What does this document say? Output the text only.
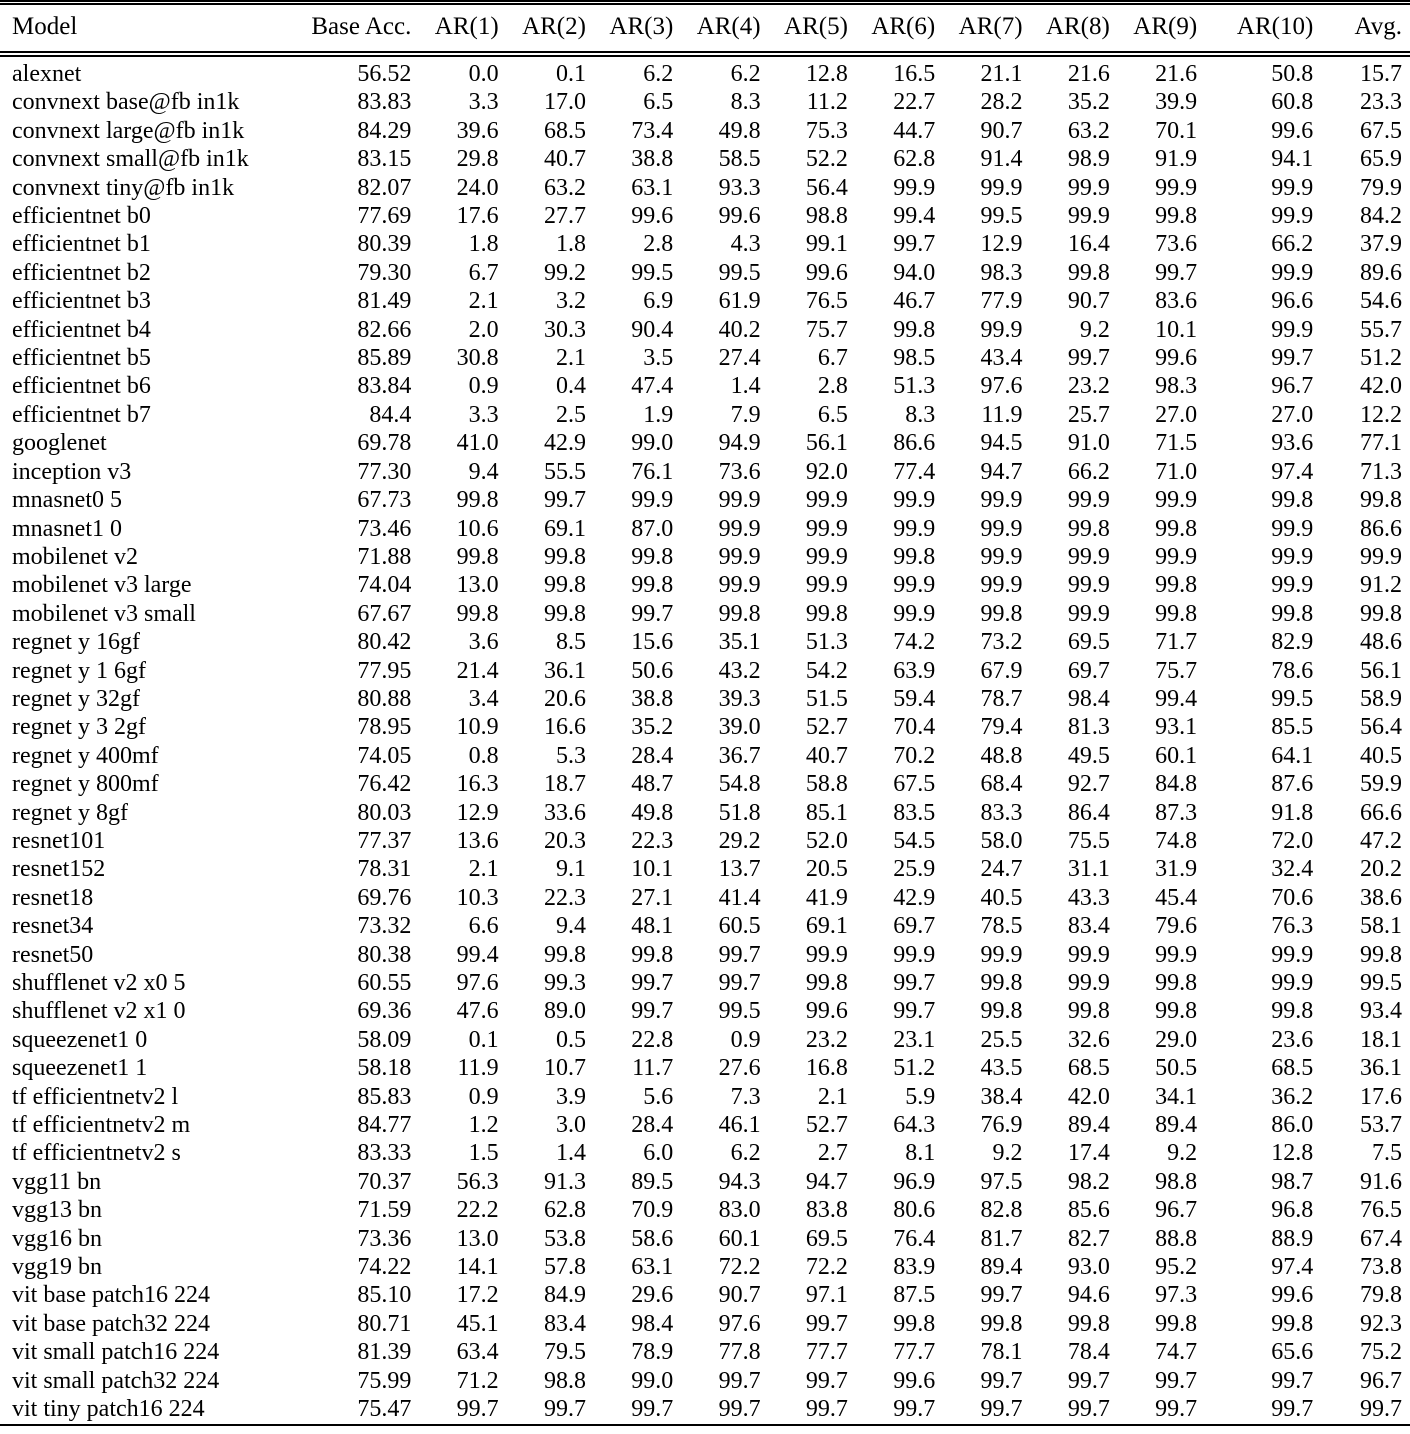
Model	Base Acc.	AR(1)	AR(2)	AR(3)	AR(4)	AR(5)	AR(6)	AR(7)	AR(8)	AR(9)	AR(10)	Avg.
alexnet	56.52	0.0	0.1	6.2	6.2	12.8	16.5	21.1	21.6	21.6	50.8	15.7
convnext base@fb in1k	83.83	3.3	17.0	6.5	8.3	11.2	22.7	28.2	35.2	39.9	60.8	23.3
convnext large@fb in1k	84.29	39.6	68.5	73.4	49.8	75.3	44.7	90.7	63.2	70.1	99.6	67.5
convnext small@fb in1k	83.15	29.8	40.7	38.8	58.5	52.2	62.8	91.4	98.9	91.9	94.1	65.9
convnext tiny@fb in1k	82.07	24.0	63.2	63.1	93.3	56.4	99.9	99.9	99.9	99.9	99.9	79.9
efficientnet b0	77.69	17.6	27.7	99.6	99.6	98.8	99.4	99.5	99.9	99.8	99.9	84.2
efficientnet b1	80.39	1.8	1.8	2.8	4.3	99.1	99.7	12.9	16.4	73.6	66.2	37.9
efficientnet b2	79.30	6.7	99.2	99.5	99.5	99.6	94.0	98.3	99.8	99.7	99.9	89.6
efficientnet b3	81.49	2.1	3.2	6.9	61.9	76.5	46.7	77.9	90.7	83.6	96.6	54.6
efficientnet b4	82.66	2.0	30.3	90.4	40.2	75.7	99.8	99.9	9.2	10.1	99.9	55.7
efficientnet b5	85.89	30.8	2.1	3.5	27.4	6.7	98.5	43.4	99.7	99.6	99.7	51.2
efficientnet b6	83.84	0.9	0.4	47.4	1.4	2.8	51.3	97.6	23.2	98.3	96.7	42.0
efficientnet b7	84.4	3.3	2.5	1.9	7.9	6.5	8.3	11.9	25.7	27.0	27.0	12.2
googlenet	69.78	41.0	42.9	99.0	94.9	56.1	86.6	94.5	91.0	71.5	93.6	77.1
inception v3	77.30	9.4	55.5	76.1	73.6	92.0	77.4	94.7	66.2	71.0	97.4	71.3
mnasnet0 5	67.73	99.8	99.7	99.9	99.9	99.9	99.9	99.9	99.9	99.9	99.8	99.8
mnasnet1 0	73.46	10.6	69.1	87.0	99.9	99.9	99.9	99.9	99.8	99.8	99.9	86.6
mobilenet v2	71.88	99.8	99.8	99.8	99.9	99.9	99.8	99.9	99.9	99.9	99.9	99.9
mobilenet v3 large	74.04	13.0	99.8	99.8	99.9	99.9	99.9	99.9	99.9	99.8	99.9	91.2
mobilenet v3 small	67.67	99.8	99.8	99.7	99.8	99.8	99.9	99.8	99.9	99.8	99.8	99.8
regnet y 16gf	80.42	3.6	8.5	15.6	35.1	51.3	74.2	73.2	69.5	71.7	82.9	48.6
regnet y 1 6gf	77.95	21.4	36.1	50.6	43.2	54.2	63.9	67.9	69.7	75.7	78.6	56.1
regnet y 32gf	80.88	3.4	20.6	38.8	39.3	51.5	59.4	78.7	98.4	99.4	99.5	58.9
regnet y 3 2gf	78.95	10.9	16.6	35.2	39.0	52.7	70.4	79.4	81.3	93.1	85.5	56.4
regnet y 400mf	74.05	0.8	5.3	28.4	36.7	40.7	70.2	48.8	49.5	60.1	64.1	40.5
regnet y 800mf	76.42	16.3	18.7	48.7	54.8	58.8	67.5	68.4	92.7	84.8	87.6	59.9
regnet y 8gf	80.03	12.9	33.6	49.8	51.8	85.1	83.5	83.3	86.4	87.3	91.8	66.6
resnet101	77.37	13.6	20.3	22.3	29.2	52.0	54.5	58.0	75.5	74.8	72.0	47.2
resnet152	78.31	2.1	9.1	10.1	13.7	20.5	25.9	24.7	31.1	31.9	32.4	20.2
resnet18	69.76	10.3	22.3	27.1	41.4	41.9	42.9	40.5	43.3	45.4	70.6	38.6
resnet34	73.32	6.6	9.4	48.1	60.5	69.1	69.7	78.5	83.4	79.6	76.3	58.1
resnet50	80.38	99.4	99.8	99.8	99.7	99.9	99.9	99.9	99.9	99.9	99.9	99.8
shufflenet v2 x0 5	60.55	97.6	99.3	99.7	99.7	99.8	99.7	99.8	99.9	99.8	99.9	99.5
shufflenet v2 x1 0	69.36	47.6	89.0	99.7	99.5	99.6	99.7	99.8	99.8	99.8	99.8	93.4
squeezenet1 0	58.09	0.1	0.5	22.8	0.9	23.2	23.1	25.5	32.6	29.0	23.6	18.1
squeezenet1 1	58.18	11.9	10.7	11.7	27.6	16.8	51.2	43.5	68.5	50.5	68.5	36.1
tf efficientnetv2 l	85.83	0.9	3.9	5.6	7.3	2.1	5.9	38.4	42.0	34.1	36.2	17.6
tf efficientnetv2 m	84.77	1.2	3.0	28.4	46.1	52.7	64.3	76.9	89.4	89.4	86.0	53.7
tf efficientnetv2 s	83.33	1.5	1.4	6.0	6.2	2.7	8.1	9.2	17.4	9.2	12.8	7.5
vgg11 bn	70.37	56.3	91.3	89.5	94.3	94.7	96.9	97.5	98.2	98.8	98.7	91.6
vgg13 bn	71.59	22.2	62.8	70.9	83.0	83.8	80.6	82.8	85.6	96.7	96.8	76.5
vgg16 bn	73.36	13.0	53.8	58.6	60.1	69.5	76.4	81.7	82.7	88.8	88.9	67.4
vgg19 bn	74.22	14.1	57.8	63.1	72.2	72.2	83.9	89.4	93.0	95.2	97.4	73.8
vit base patch16 224	85.10	17.2	84.9	29.6	90.7	97.1	87.5	99.7	94.6	97.3	99.6	79.8
vit base patch32 224	80.71	45.1	83.4	98.4	97.6	99.7	99.8	99.8	99.8	99.8	99.8	92.3
vit small patch16 224	81.39	63.4	79.5	78.9	77.8	77.7	77.7	78.1	78.4	74.7	65.6	75.2
vit small patch32 224	75.99	71.2	98.8	99.0	99.7	99.7	99.6	99.7	99.7	99.7	99.7	96.7
vit tiny patch16 224	75.47	99.7	99.7	99.7	99.7	99.7	99.7	99.7	99.7	99.7	99.7	99.7
